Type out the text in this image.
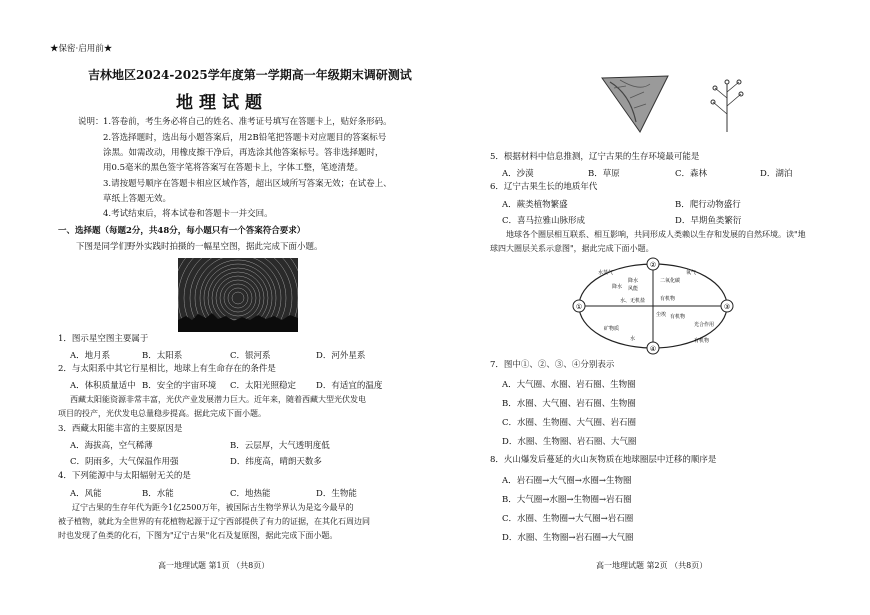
★保密·启用前★
吉林地区2024-2025学年度第一学期高一年级期末调研测试
地理试题
说明： 1.答卷前，考生务必将自己的姓名、准考证号填写在答题卡上，贴好条形码。
2.答选择题时，选出每小题答案后，用2B铅笔把答题卡对应题目的答案标号
涂黑。如需改动，用橡皮擦干净后，再选涂其他答案标号。答非选择题时，
用0.5毫米的黑色签字笔将答案写在答题卡上，字体工整，笔迹清楚。
3.请按题号顺序在答题卡相应区域作答，超出区域所写答案无效；在试卷上、
草纸上答题无效。
4.考试结束后，将本试卷和答题卡一并交回。
一、选择题（每题2分，共48分，每小题只有一个答案符合要求）
下图是同学们野外实践时拍摄的一幅星空图，据此完成下面小题。
1．图示星空图主要属于
A．地月系	B．太阳系	C．银河系	D．河外星系
2．与太阳系中其它行星相比，地球上有生命存在的条件是
A．体积质量适中 B．安全的宇宙环境 C．太阳光照稳定 D．有适宜的温度
西藏太阳能资源非常丰富，光伏产业发展潜力巨大。近年来，随着西藏大型光伏发电
项目的投产，光伏发电总量稳步提高。据此完成下面小题。
3．西藏太阳能丰富的主要原因是
A．海拔高，空气稀薄	B．云层厚，大气透明度低
C．阴雨多，大气保温作用强	D．纬度高，晴朗天数多
4．下列能源中与太阳辐射无关的是
A．风能	B．水能	C．地热能	D．生物能
辽宁古果的生存年代为距今1亿2500万年，被国际古生物学界认为是迄今最早的
被子植物，就此为全世界的有花植物起源于辽宁西部提供了有力的证据，在其化石周边同
时也发现了鱼类的化石，下图为"辽宁古果"化石及复原图，据此完成下面小题。
高一地理试题 第1页 （共8页）
5．根据材料中信息推测，辽宁古果的生存环境最可能是
A．沙漠	B．草原	C．森林	D．湖泊
6．辽宁古果生长的地质年代
A．蕨类植物繁盛	B．爬行动物盛行
C．喜马拉雅山脉形成	D．早期鱼类繁衍
地球各个圈层相互联系、相互影响，共同形成人类赖以生存和发展的自然环境。读"地
球四大圈层关系示意图"，据此完成下面小题。
①
②
③
④
水蒸气
降水
降水
风能
水、无机盐
氧气
二氧化碳
有机物
有机物
光合作用
尘埃
矿物质
水	有机物
7．图中①、②、③、④分别表示
A．大气圈、水圈、岩石圈、生物圈
B．水圈、大气圈、岩石圈、生物圈
C．水圈、生物圈、大气圈、岩石圈
D．水圈、生物圈、岩石圈、大气圈
8．火山爆发后蔓延的火山灰物质在地球圈层中迁移的顺序是
A．岩石圈→大气圈→水圈→生物圈
B．大气圈→水圈→生物圈→岩石圈
C．水圈、生物圈→大气圈→岩石圈
D．水圈、生物圈→岩石圈→大气圈
高一地理试题 第2页 （共8页）
